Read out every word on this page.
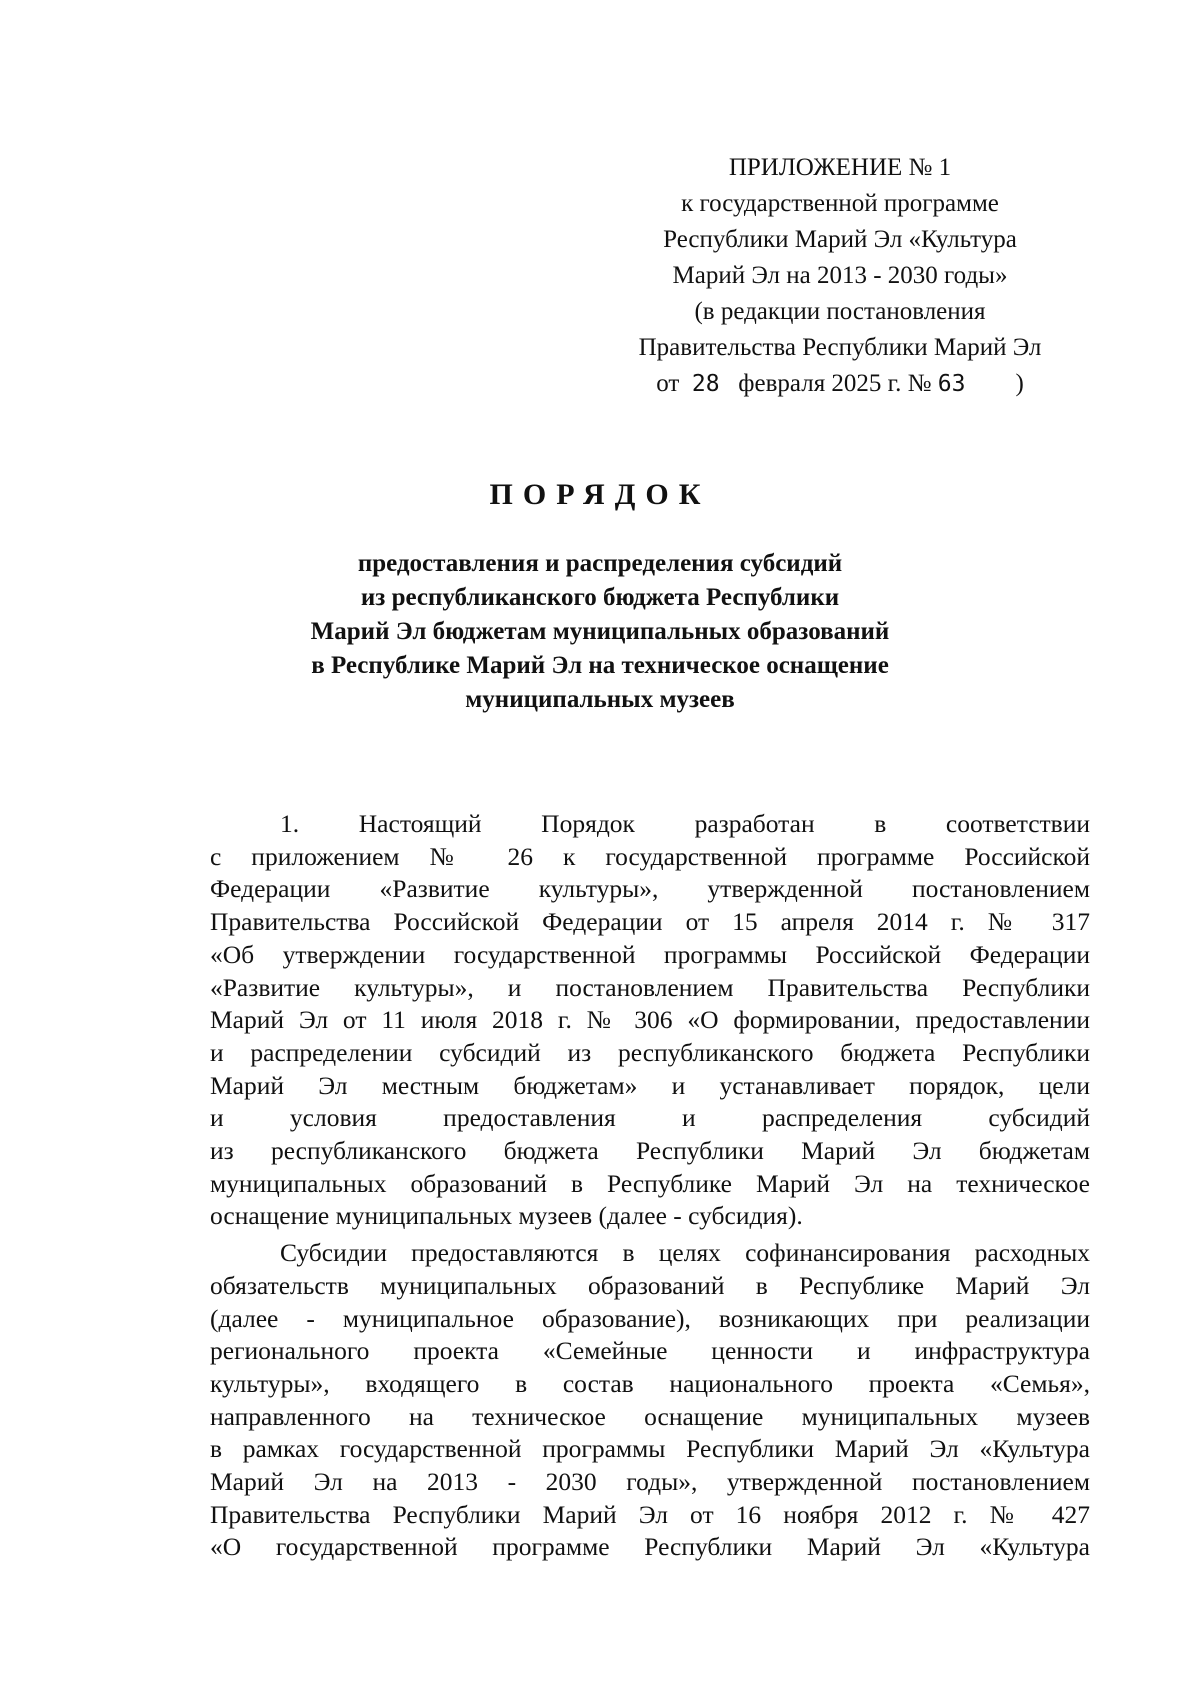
ПРИЛОЖЕНИЕ № 1
к государственной программе
Республики Марий Эл «Культура
Марий Эл на 2013 - 2030 годы»
(в редакции постановления
Правительства Республики Марий Эл
от 28 февраля 2025 г. № 63 )
ПОРЯДОК
предоставления и распределения субсидий
из республиканского бюджета Республики
Марий Эл бюджетам муниципальных образований
в Республике Марий Эл на техническое оснащение
муниципальных музеев

1. Настоящий Порядок разработан в соответствии
с приложением № 26 к государственной программе Российской
Федерации «Развитие культуры», утвержденной постановлением
Правительства Российской Федерации от 15 апреля 2014 г. № 317
«Об утверждении государственной программы Российской Федерации
«Развитие культуры», и постановлением Правительства Республики
Марий Эл от 11 июля 2018 г. № 306 «О формировании, предоставлении
и распределении субсидий из республиканского бюджета Республики
Марий Эл местным бюджетам» и устанавливает порядок, цели
и условия предоставления и распределения субсидий
из республиканского бюджета Республики Марий Эл бюджетам
муниципальных образований в Республике Марий Эл на техническое
оснащение муниципальных музеев (далее - субсидия).

Субсидии предоставляются в целях софинансирования расходных
обязательств муниципальных образований в Республике Марий Эл
(далее - муниципальное образование), возникающих при реализации
регионального проекта «Семейные ценности и инфраструктура
культуры», входящего в состав национального проекта «Семья»,
направленного на техническое оснащение муниципальных музеев
в рамках государственной программы Республики Марий Эл «Культура
Марий Эл на 2013 - 2030 годы», утвержденной постановлением
Правительства Республики Марий Эл от 16 ноября 2012 г. № 427
«О государственной программе Республики Марий Эл «Культура
